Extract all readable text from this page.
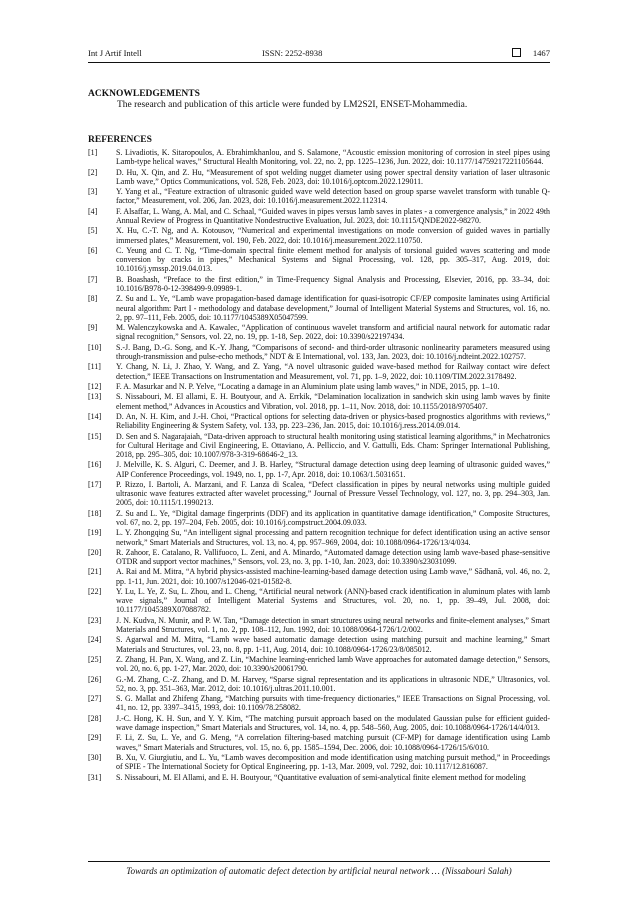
Int J Artif Intell	ISSN: 2252-8938	1467
ACKNOWLEDGEMENTS
The research and publication of this article were funded by LM2S2I, ENSET-Mohammedia.
REFERENCES
[1]	S. Livadiotis, K. Sitaropoulos, A. Ebrahimkhanlou, and S. Salamone, “Acoustic emission monitoring of corrosion in steel pipes using Lamb-type helical waves,” Structural Health Monitoring, vol. 22, no. 2, pp. 1225–1236, Jun. 2022, doi: 10.1177/14759217221105644.
[2]	D. Hu, X. Qin, and Z. Hu, “Measurement of spot welding nugget diameter using power spectral density variation of laser ultrasonic Lamb wave,” Optics Communications, vol. 528, Feb. 2023, doi: 10.1016/j.optcom.2022.129011.
[3]	Y. Yang et al., “Feature extraction of ultrasonic guided wave weld detection based on group sparse wavelet transform with tunable Q-factor,” Measurement, vol. 206, Jan. 2023, doi: 10.1016/j.measurement.2022.112314.
[4]	F. Alsaffar, L. Wang, A. Mal, and C. Schaal, “Guided waves in pipes versus lamb saves in plates - a convergence analysis,” in 2022 49th Annual Review of Progress in Quantitative Nondestructive Evaluation, Jul. 2023, doi: 10.1115/QNDE2022-98270.
[5]	X. Hu, C.-T. Ng, and A. Kotousov, “Numerical and experimental investigations on mode conversion of guided waves in partially immersed plates,” Measurement, vol. 190, Feb. 2022, doi: 10.1016/j.measurement.2022.110750.
[6]	C. Yeung and C. T. Ng, “Time-domain spectral finite element method for analysis of torsional guided waves scattering and mode conversion by cracks in pipes,” Mechanical Systems and Signal Processing, vol. 128, pp. 305–317, Aug. 2019, doi: 10.1016/j.ymssp.2019.04.013.
[7]	B. Boashash, “Preface to the first edition,” in Time-Frequency Signal Analysis and Processing, Elsevier, 2016, pp. 33–34, doi: 10.1016/B978-0-12-398499-9.09989-1.
[8]	Z. Su and L. Ye, “Lamb wave propagation-based damage identification for quasi-isotropic CF/EP composite laminates using Artificial neural algorithm: Part I - methodology and database development,” Journal of Intelligent Material Systems and Structures, vol. 16, no. 2, pp. 97–111, Feb. 2005, doi: 10.1177/1045389X05047599.
[9]	M. Walenczykowska and A. Kawalec, “Application of continuous wavelet transform and artificial naural network for automatic radar signal recognition,” Sensors, vol. 22, no. 19, pp. 1-18, Sep. 2022, doi: 10.3390/s22197434.
[10]	S.-J. Bang, D.-G. Song, and K.-Y. Jhang, “Comparisons of second- and third-order ultrasonic nonlinearity parameters measured using through-transmission and pulse-echo methods,” NDT & E International, vol. 133, Jan. 2023, doi: 10.1016/j.ndteint.2022.102757.
[11]	Y. Chang, N. Li, J. Zhao, Y. Wang, and Z. Yang, “A novel ultrasonic guided wave-based method for Railway contact wire defect detection,” IEEE Transactions on Instrumentation and Measurement, vol. 71, pp. 1–9, 2022, doi: 10.1109/TIM.2022.3178492.
[12]	F. A. Masurkar and N. P. Yelve, “Locating a damage in an Aluminium plate using lamb waves,” in NDE, 2015, pp. 1–10.
[13]	S. Nissabouri, M. El allami, E. H. Boutyour, and A. Errkik, “Delamination localization in sandwich skin using lamb waves by finite element method,” Advances in Acoustics and Vibration, vol. 2018, pp. 1–11, Nov. 2018, doi: 10.1155/2018/9705407.
[14]	D. An, N. H. Kim, and J.-H. Choi, “Practical options for selecting data-driven or physics-based prognostics algorithms with reviews,” Reliability Engineering & System Safety, vol. 133, pp. 223–236, Jan. 2015, doi: 10.1016/j.ress.2014.09.014.
[15]	D. Sen and S. Nagarajaiah, “Data-driven approach to structural health monitoring using statistical learning algorithms,” in Mechatronics for Cultural Heritage and Civil Engineering, E. Ottaviano, A. Pelliccio, and V. Gattulli, Eds. Cham: Springer International Publishing, 2018, pp. 295–305, doi: 10.1007/978-3-319-68646-2_13.
[16]	J. Melville, K. S. Alguri, C. Deemer, and J. B. Harley, “Structural damage detection using deep learning of ultrasonic guided waves,” AIP Conference Proceedings, vol. 1949, no. 1, pp. 1-7, Apr. 2018, doi: 10.1063/1.5031651.
[17]	P. Rizzo, I. Bartoli, A. Marzani, and F. Lanza di Scalea, “Defect classification in pipes by neural networks using multiple guided ultrasonic wave features extracted after wavelet processing,” Journal of Pressure Vessel Technology, vol. 127, no. 3, pp. 294–303, Jan. 2005, doi: 10.1115/1.1990213.
[18]	Z. Su and L. Ye, “Digital damage fingerprints (DDF) and its application in quantitative damage identification,” Composite Structures, vol. 67, no. 2, pp. 197–204, Feb. 2005, doi: 10.1016/j.compstruct.2004.09.033.
[19]	L. Y. Zhongqing Su, “An intelligent signal processing and pattern recognition technique for defect identification using an active sensor network,” Smart Materials and Structures, vol. 13, no. 4, pp. 957–969, 2004, doi: 10.1088/0964-1726/13/4/034.
[20]	R. Zahoor, E. Catalano, R. Vallifuoco, L. Zeni, and A. Minardo, “Automated damage detection using lamb wave-based phase-sensitive OTDR and support vector machines,” Sensors, vol. 23, no. 3, pp. 1-10, Jan. 2023, doi: 10.3390/s23031099.
[21]	A. Rai and M. Mitra, “A hybrid physics-assisted machine-learning-based damage detection using Lamb wave,” Sādhanā, vol. 46, no. 2, pp. 1-11, Jun. 2021, doi: 10.1007/s12046-021-01582-8.
[22]	Y. Lu, L. Ye, Z. Su, L. Zhou, and L. Cheng, “Artificial neural network (ANN)-based crack identification in aluminum plates with lamb wave signals,” Journal of Intelligent Material Systems and Structures, vol. 20, no. 1, pp. 39–49, Jul. 2008, doi: 10.1177/1045389X07088782.
[23]	J. N. Kudva, N. Munir, and P. W. Tan, “Damage detection in smart structures using neural networks and finite-element analyses,” Smart Materials and Structures, vol. 1, no. 2, pp. 108–112, Jun. 1992, doi: 10.1088/0964-1726/1/2/002.
[24]	S. Agarwal and M. Mitra, “Lamb wave based automatic damage detection using matching pursuit and machine learning,” Smart Materials and Structures, vol. 23, no. 8, pp. 1-11, Aug. 2014, doi: 10.1088/0964-1726/23/8/085012.
[25]	Z. Zhang, H. Pan, X. Wang, and Z. Lin, “Machine learning-enriched lamb Wave approaches for automated damage detection,” Sensors, vol. 20, no. 6, pp. 1-27, Mar. 2020, doi: 10.3390/s20061790.
[26]	G.-M. Zhang, C.-Z. Zhang, and D. M. Harvey, “Sparse signal representation and its applications in ultrasonic NDE,” Ultrasonics, vol. 52, no. 3, pp. 351–363, Mar. 2012, doi: 10.1016/j.ultras.2011.10.001.
[27]	S. G. Mallat and Zhifeng Zhang, “Matching pursuits with time-frequency dictionaries,” IEEE Transactions on Signal Processing, vol. 41, no. 12, pp. 3397–3415, 1993, doi: 10.1109/78.258082.
[28]	J.-C. Hong, K. H. Sun, and Y. Y. Kim, “The matching pursuit approach based on the modulated Gaussian pulse for efficient guided-wave damage inspection,” Smart Materials and Structures, vol. 14, no. 4, pp. 548–560, Aug. 2005, doi: 10.1088/0964-1726/14/4/013.
[29]	F. Li, Z. Su, L. Ye, and G. Meng, “A correlation filtering-based matching pursuit (CF-MP) for damage identification using Lamb waves,” Smart Materials and Structures, vol. 15, no. 6, pp. 1585–1594, Dec. 2006, doi: 10.1088/0964-1726/15/6/010.
[30]	B. Xu, V. Giurgiutiu, and L. Yu, “Lamb waves decomposition and mode identification using matching pursuit method,” in Proceedings of SPIE - The International Society for Optical Engineering, pp. 1-13, Mar. 2009, vol. 7292, doi: 10.1117/12.816087.
[31]	S. Nissabouri, M. El Allami, and E. H. Boutyour, “Quantitative evaluation of semi-analytical finite element method for modeling
Towards an optimization of automatic defect detection by artificial neural network … (Nissabouri Salah)
